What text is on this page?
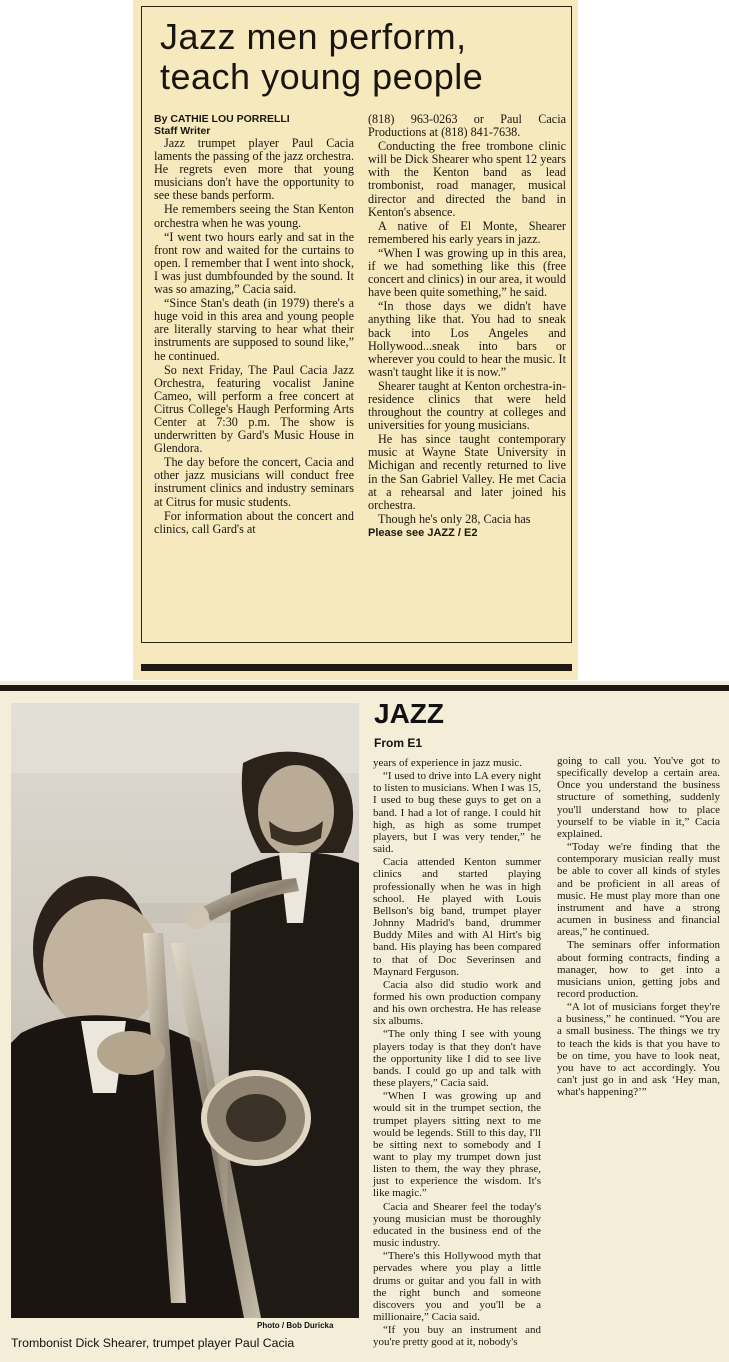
Jazz men perform,
teach young people
By CATHIE LOU PORRELLI
Staff Writer

Jazz trumpet player Paul Cacia laments the passing of the jazz orchestra. He regrets even more that young musicians don't have the opportunity to see these bands perform.

He remembers seeing the Stan Kenton orchestra when he was young.

“I went two hours early and sat in the front row and waited for the curtains to open. I remember that I went into shock, I was just dumbfounded by the sound. It was so amazing,” Cacia said.

“Since Stan's death (in 1979) there's a huge void in this area and young people are literally starving to hear what their instruments are supposed to sound like,” he continued.

So next Friday, The Paul Cacia Jazz Orchestra, featuring vocalist Janine Cameo, will perform a free concert at Citrus College's Haugh Performing Arts Center at 7:30 p.m. The show is underwritten by Gard's Music House in Glendora.

The day before the concert, Cacia and other jazz musicians will conduct free instrument clinics and industry seminars at Citrus for music students.

For information about the concert and clinics, call Gard's at

(818) 963-0263 or Paul Cacia Productions at (818) 841-7638.

Conducting the free trombone clinic will be Dick Shearer who spent 12 years with the Kenton band as lead trombonist, road manager, musical director and directed the band in Kenton's absence.

A native of El Monte, Shearer remembered his early years in jazz.

“When I was growing up in this area, if we had something like this (free concert and clinics) in our area, it would have been quite something,” he said.

“In those days we didn't have anything like that. You had to sneak back into Los Angeles and Hollywood...sneak into bars or wherever you could to hear the music. It wasn't taught like it is now.”

Shearer taught at Kenton orchestra-in-residence clinics that were held throughout the country at colleges and universities for young musicians.

He has since taught contemporary music at Wayne State University in Michigan and recently returned to live in the San Gabriel Valley. He met Cacia at a rehearsal and later joined his orchestra.

Though he's only 28, Cacia has

Please see JAZZ / E2

Photo / Bob Duricka

Trombonist Dick Shearer, trumpet player Paul Cacia

JAZZ
From E1

years of experience in jazz music.

“I used to drive into LA every night to listen to musicians. When I was 15, I used to bug these guys to get on a band. I had a lot of range. I could hit high, as high as some trumpet players, but I was very tender,” he said.

Cacia attended Kenton summer clinics and started playing professionally when he was in high school. He played with Louis Bellson's big band, trumpet player Johnny Madrid's band, drummer Buddy Miles and with Al Hirt's big band. His playing has been compared to that of Doc Severinsen and Maynard Ferguson.

Cacia also did studio work and formed his own production company and his own orchestra. He has release six albums.

“The only thing I see with young players today is that they don't have the opportunity like I did to see live bands. I could go up and talk with these players,” Cacia said.

“When I was growing up and would sit in the trumpet section, the trumpet players sitting next to me would be legends. Still to this day, I'll be sitting next to somebody and I want to play my trumpet down just listen to them, the way they phrase, just to experience the wisdom. It's like magic.”

Cacia and Shearer feel the today's young musician must be thoroughly educated in the business end of the music industry.

“There's this Hollywood myth that pervades where you play a little drums or guitar and you fall in with the right bunch and someone discovers you and you'll be a millionaire,” Cacia said.

“If you buy an instrument and you're pretty good at it, nobody's

going to call you. You've got to specifically develop a certain area. Once you understand the business structure of something, suddenly you'll understand how to place yourself to be viable in it,” Cacia explained.

“Today we're finding that the contemporary musician really must be able to cover all kinds of styles and be proficient in all areas of music. He must play more than one instrument and have a strong acumen in business and financial areas,” he continued.

The seminars offer information about forming contracts, finding a manager, how to get into a musicians union, getting jobs and record production.

“A lot of musicians forget they're a business,” he continued. “You are a small business. The things we try to teach the kids is that you have to be on time, you have to look neat, you have to act accordingly. You can't just go in and ask ‘Hey man, what's happening?’”
